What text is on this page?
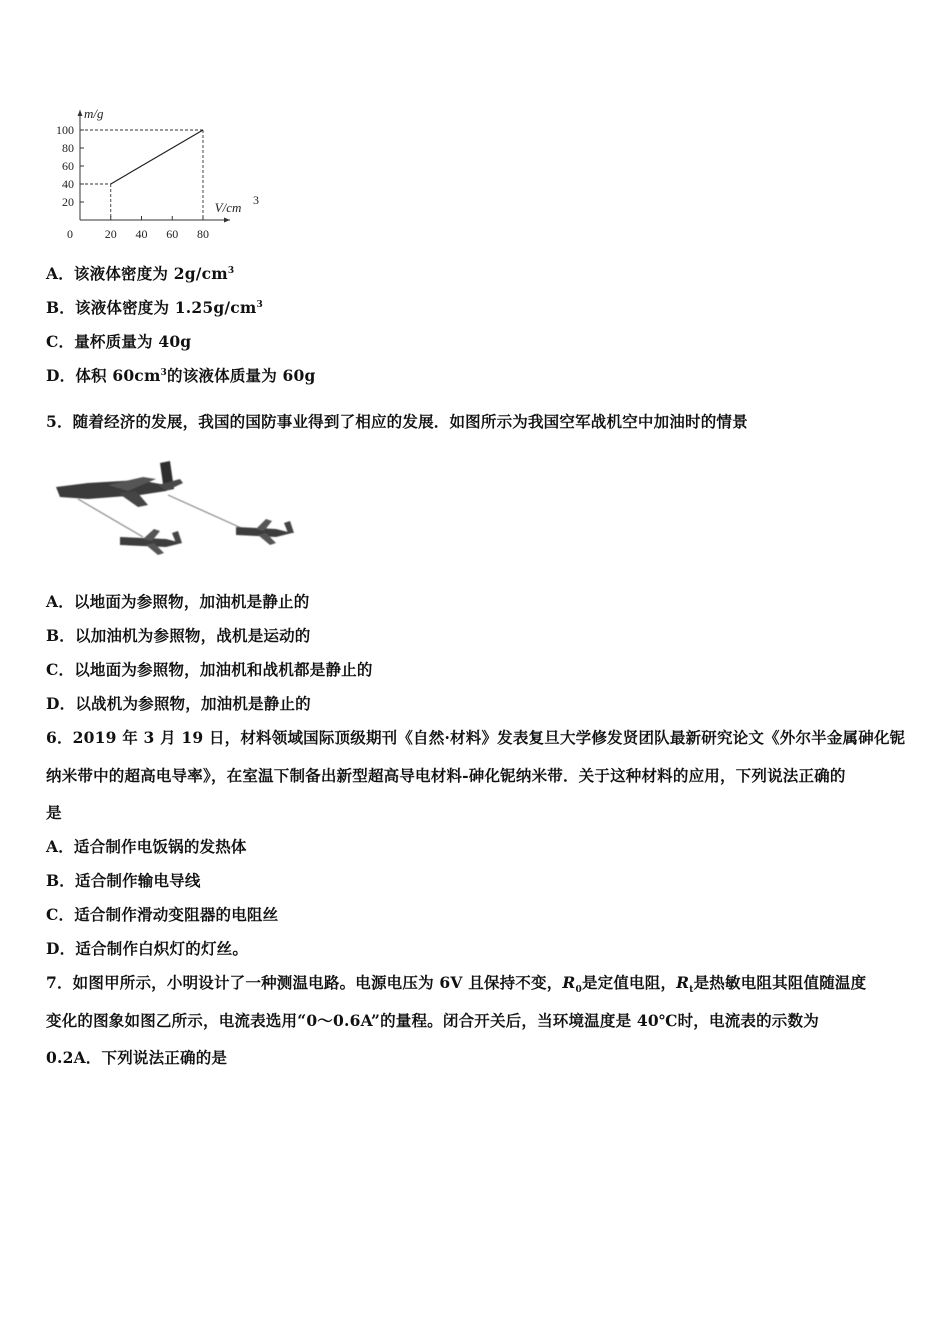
20
40
60
80
100
20 40 60 80
0
m/g
V/cm 3
A．该液体密度为 $2g/cm^3$
B．该液体密度为 $1.25g/cm^3$
C．量杯质量为 40g
D．体积 $60cm^3$的该液体质量为 60g
5．随着经济的发展，我国的国防事业得到了相应的发展．如图所示为我国空军战机空中加油时的情景
A．以地面为参照物，加油机是静止的
B．以加油机为参照物，战机是运动的
C．以地面为参照物，加油机和战机都是静止的
D．以战机为参照物，加油机是静止的
6．2019 年 3 月 19 日，材料领域国际顶级期刊《自然·材料》发表复旦大学修发贤团队最新研究论文《外尔半金属砷化铌
纳米带中的超高电导率》，在室温下制备出新型超高导电材料-砷化铌纳米带．关于这种材料的应用，下列说法正确的
是
A．适合制作电饭锅的发热体
B．适合制作输电导线
C．适合制作滑动变阻器的电阻丝
D．适合制作白炽灯的灯丝。
7．如图甲所示，小明设计了一种测温电路。电源电压为 6V 且保持不变，$R_0$是定值电阻，$R_t$是热敏电阻其阻值随温度
变化的图象如图乙所示，电流表选用“0～0.6A”的量程。闭合开关后，当环境温度是 40℃时，电流表的示数为
0.2A．下列说法正确的是
